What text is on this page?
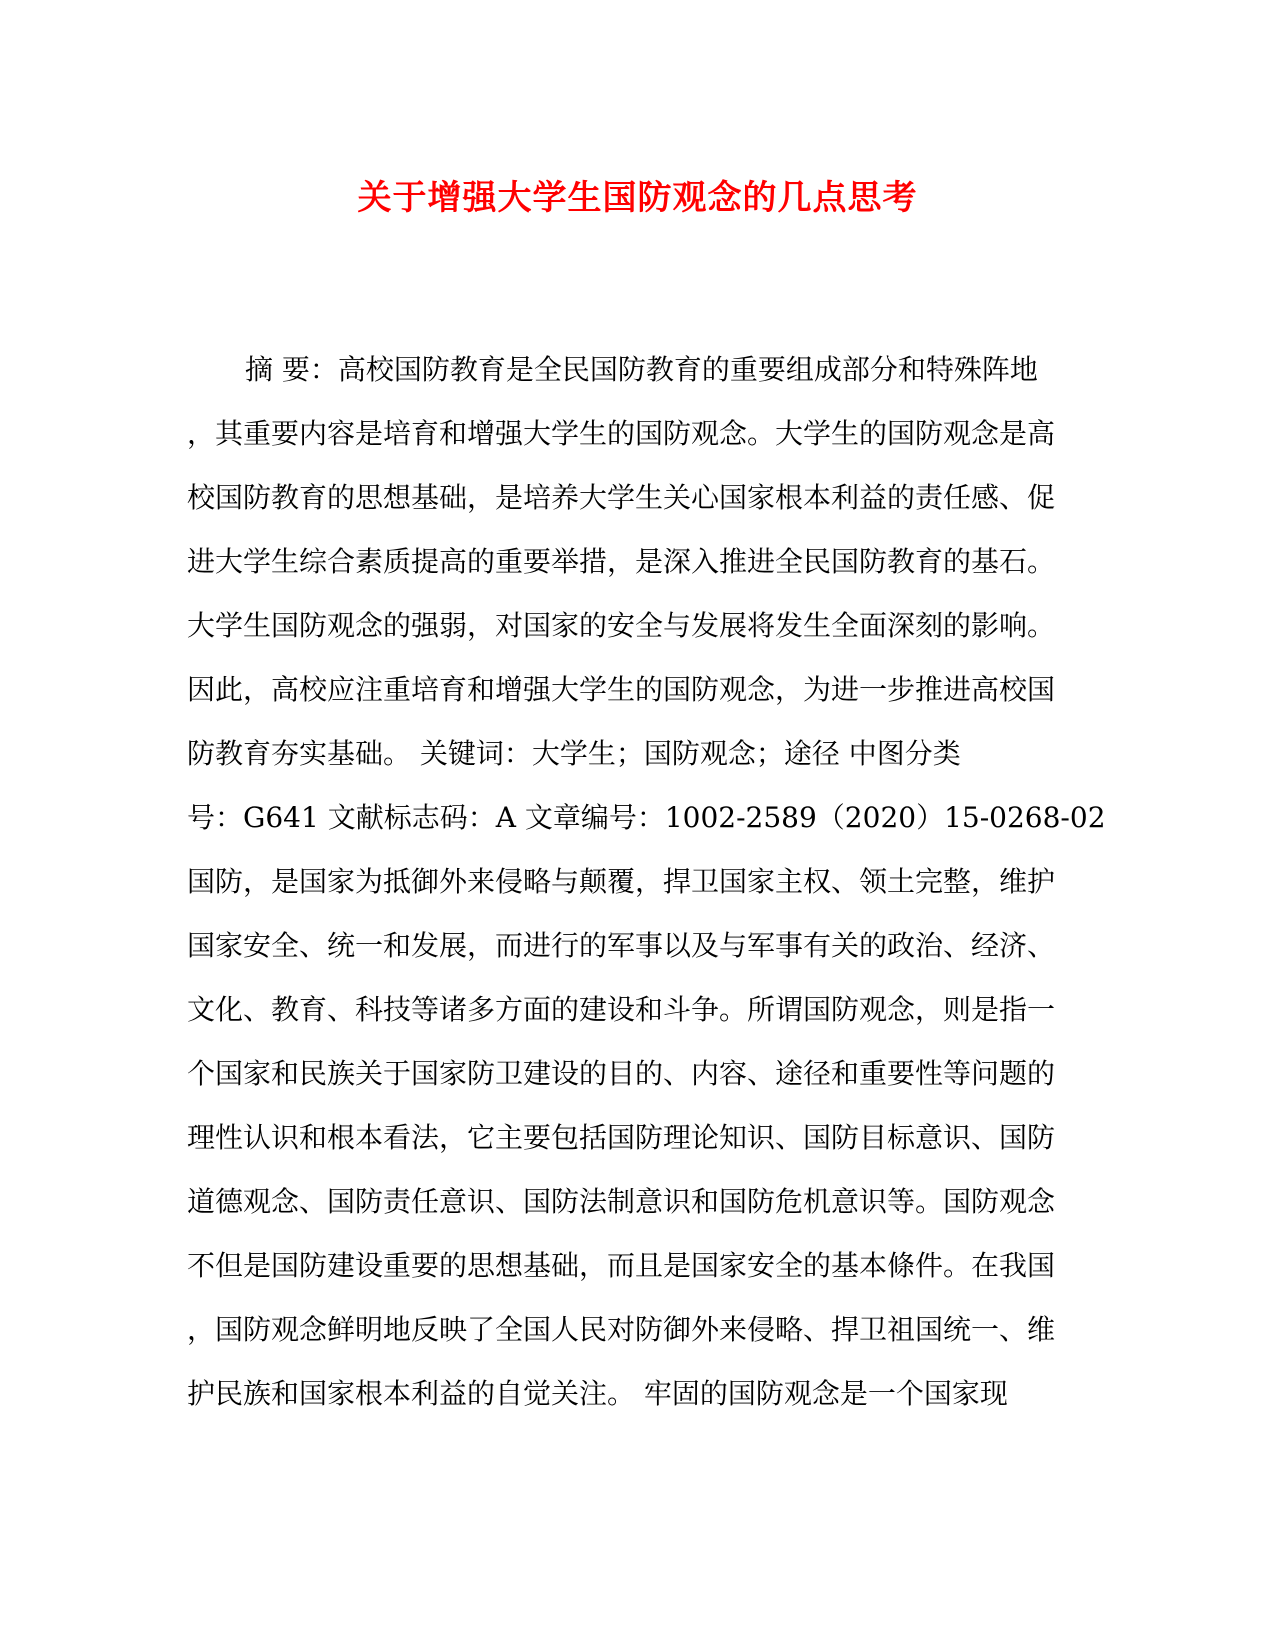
关于增强大学生国防观念的几点思考
摘 要：高校国防教育是全民国防教育的重要组成部分和特殊阵地
，其重要内容是培育和增强大学生的国防观念。大学生的国防观念是高
校国防教育的思想基础，是培养大学生关心国家根本利益的责任感、促
进大学生综合素质提高的重要举措，是深入推进全民国防教育的基石。
大学生国防观念的强弱，对国家的安全与发展将发生全面深刻的影响。
因此，高校应注重培育和增强大学生的国防观念，为进一步推进高校国
防教育夯实基础。 关键词：大学生；国防观念；途径 中图分类
号：G641 文献标志码：A 文章编号：1002-2589（2020）15-0268-02
国防，是国家为抵御外来侵略与颠覆，捍卫国家主权、领土完整，维护
国家安全、统一和发展，而进行的军事以及与军事有关的政治、经济、
文化、教育、科技等诸多方面的建设和斗争。所谓国防观念，则是指一
个国家和民族关于国家防卫建设的目的、内容、途径和重要性等问题的
理性认识和根本看法，它主要包括国防理论知识、国防目标意识、国防
道德观念、国防责任意识、国防法制意识和国防危机意识等。国防观念
不但是国防建设重要的思想基础，而且是国家安全的基本條件。在我国
，国防观念鲜明地反映了全国人民对防御外来侵略、捍卫祖国统一、维
护民族和国家根本利益的自觉关注。 牢固的国防观念是一个国家现
